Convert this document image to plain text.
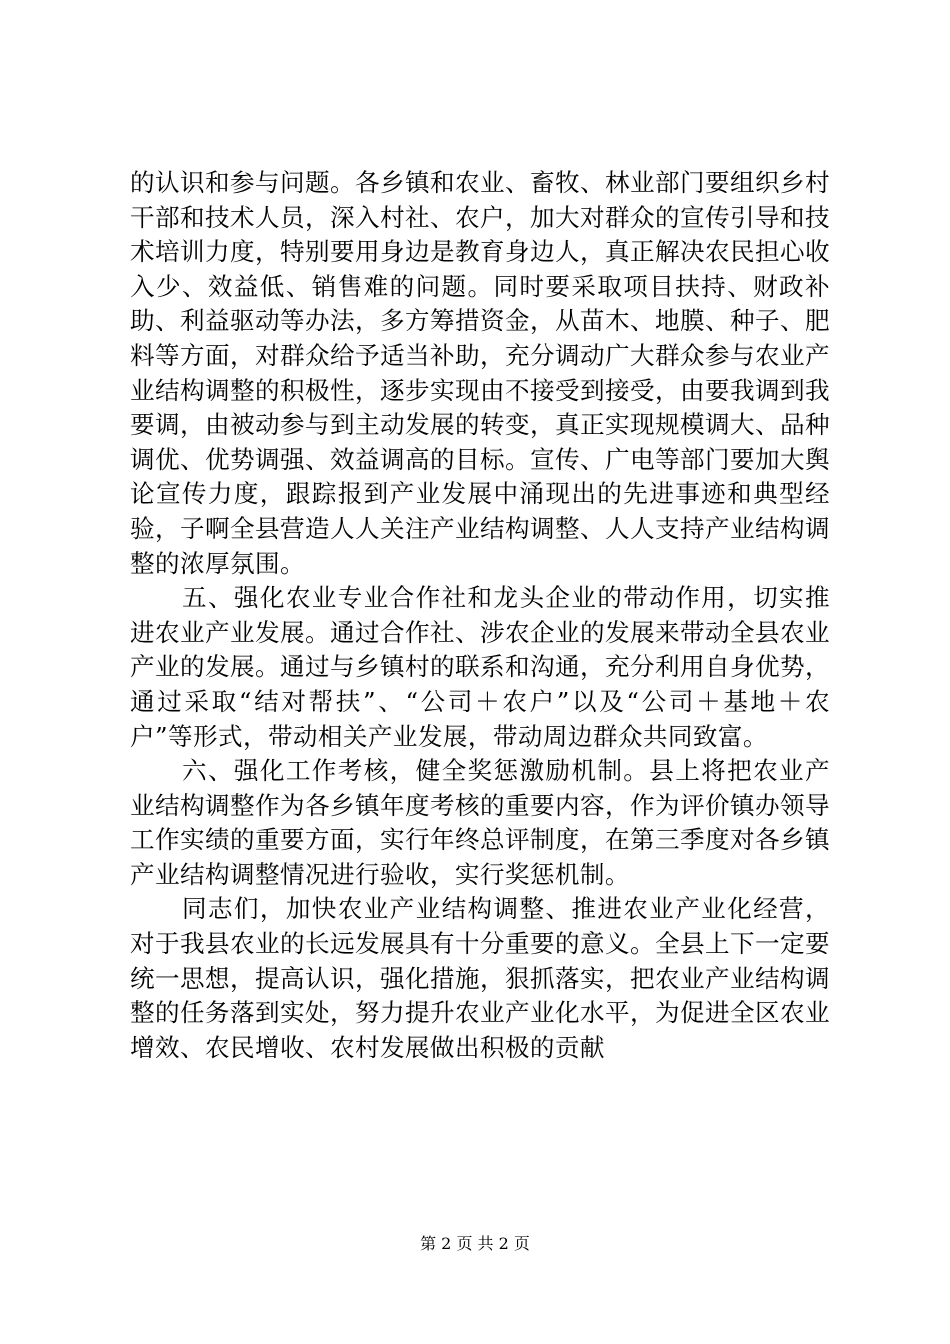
的认识和参与问题。各乡镇和农业、畜牧、林业部门要组织乡村干部和技术人员，深入村社、农户，加大对群众的宣传引导和技术培训力度，特别要用身边是教育身边人，真正解决农民担心收入少、效益低、销售难的问题。同时要采取项目扶持、财政补助、利益驱动等办法，多方筹措资金，从苗木、地膜、种子、肥料等方面，对群众给予适当补助，充分调动广大群众参与农业产业结构调整的积极性，逐步实现由不接受到接受，由要我调到我要调，由被动参与到主动发展的转变，真正实现规模调大、品种调优、优势调强、效益调高的目标。宣传、广电等部门要加大舆论宣传力度，跟踪报到产业发展中涌现出的先进事迹和典型经验，子啊全县营造人人关注产业结构调整、人人支持产业结构调整的浓厚氛围。

五、强化农业专业合作社和龙头企业的带动作用，切实推进农业产业发展。通过合作社、涉农企业的发展来带动全县农业产业的发展。通过与乡镇村的联系和沟通，充分利用自身优势，通过采取“结对帮扶”、“公司＋农户”以及“公司＋基地＋农户”等形式，带动相关产业发展，带动周边群众共同致富。

六、强化工作考核，健全奖惩激励机制。县上将把农业产业结构调整作为各乡镇年度考核的重要内容，作为评价镇办领导工作实绩的重要方面，实行年终总评制度，在第三季度对各乡镇产业结构调整情况进行验收，实行奖惩机制。

同志们，加快农业产业结构调整、推进农业产业化经营，对于我县农业的长远发展具有十分重要的意义。全县上下一定要统一思想，提高认识，强化措施，狠抓落实，把农业产业结构调整的任务落到实处，努力提升农业产业化水平，为促进全区农业增效、农民增收、农村发展做出积极的贡献

第 2 页 共 2 页
